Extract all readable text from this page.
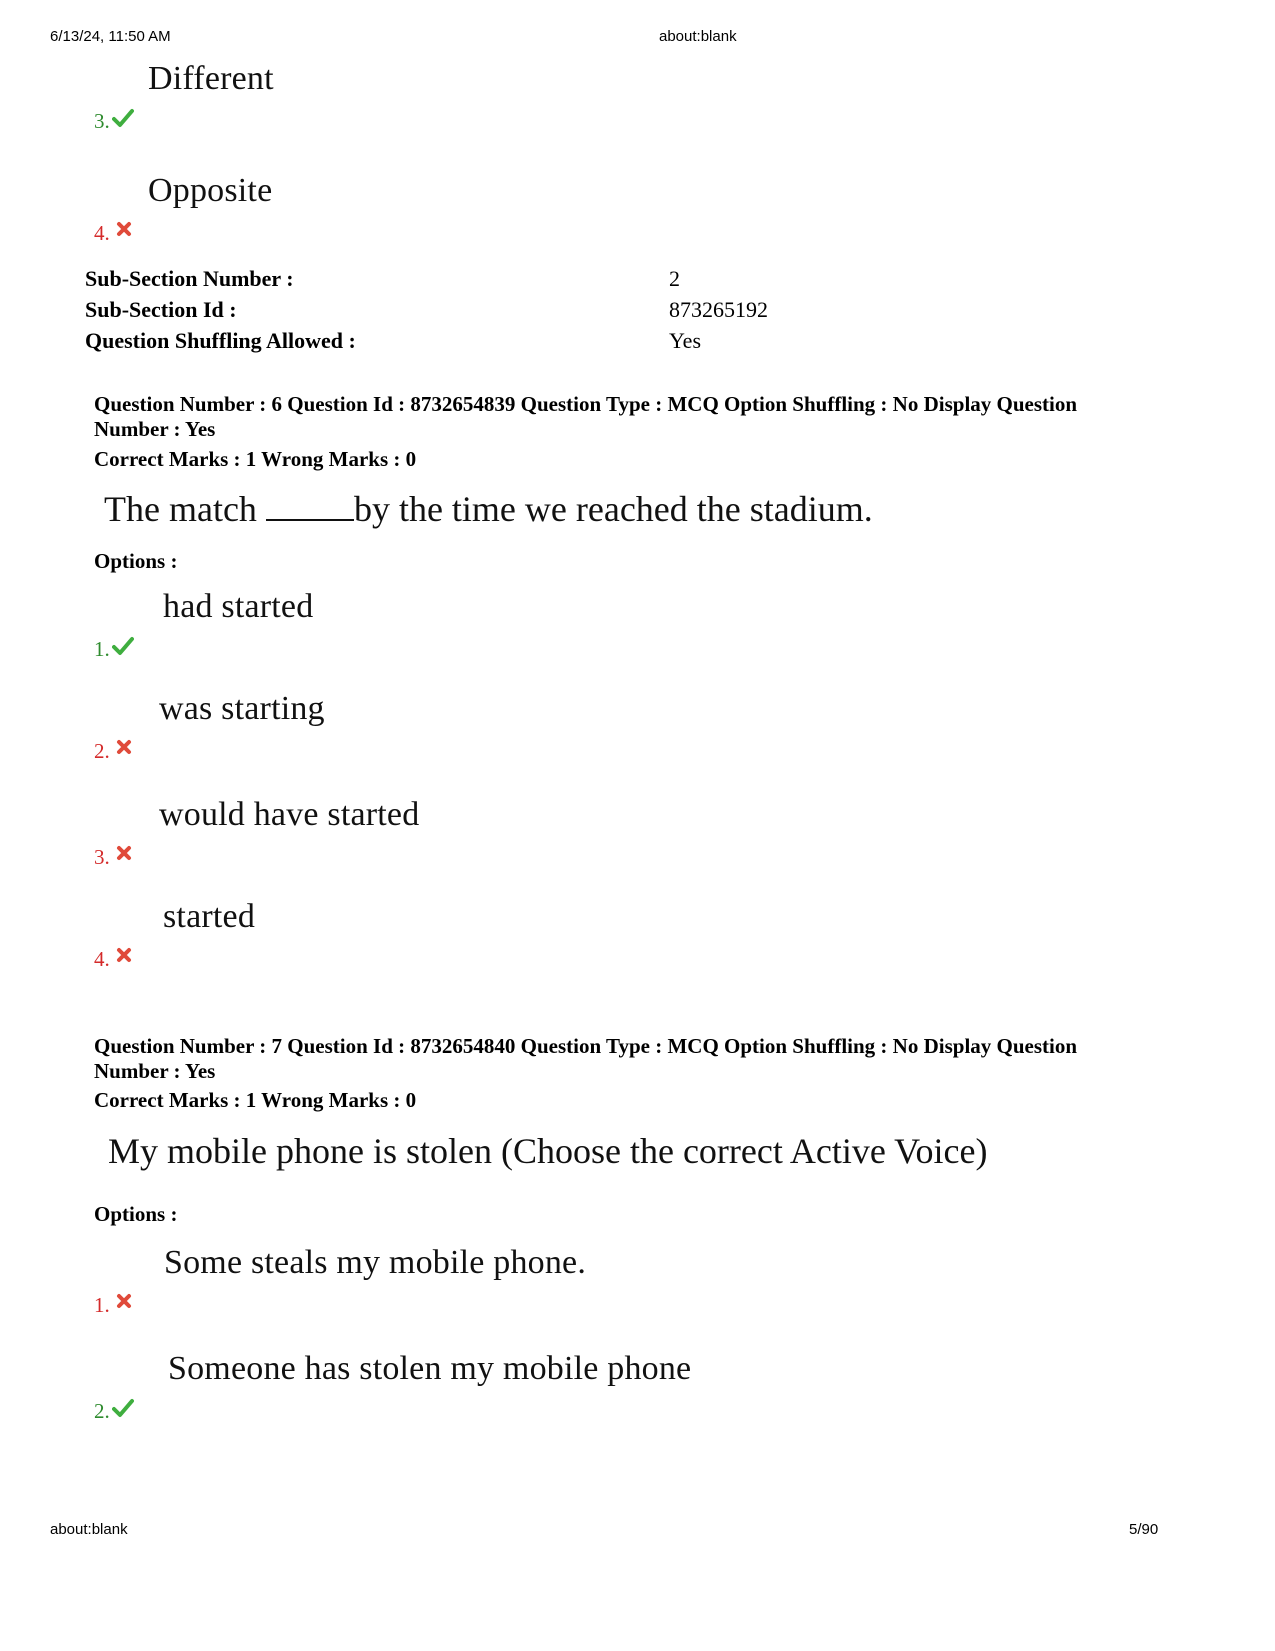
6/13/24, 11:50 AM	about:blank
3.
Different
4.
Opposite
Sub-Section Number :	2
Sub-Section Id :	873265192
Question Shuffling Allowed :	Yes
Question Number : 6 Question Id : 8732654839 Question Type : MCQ Option Shuffling : No Display Question
Number : Yes
Correct Marks : 1 Wrong Marks : 0
The match by the time we reached the stadium.
Options :
1.
had started
2.
was starting
3.
would have started
4.
started
Question Number : 7 Question Id : 8732654840 Question Type : MCQ Option Shuffling : No Display Question
Number : Yes
Correct Marks : 1 Wrong Marks : 0
My mobile phone is stolen (Choose the correct Active Voice)
Options :
1.
Some steals my mobile phone.
2.
Someone has stolen my mobile phone
about:blank	5/90
